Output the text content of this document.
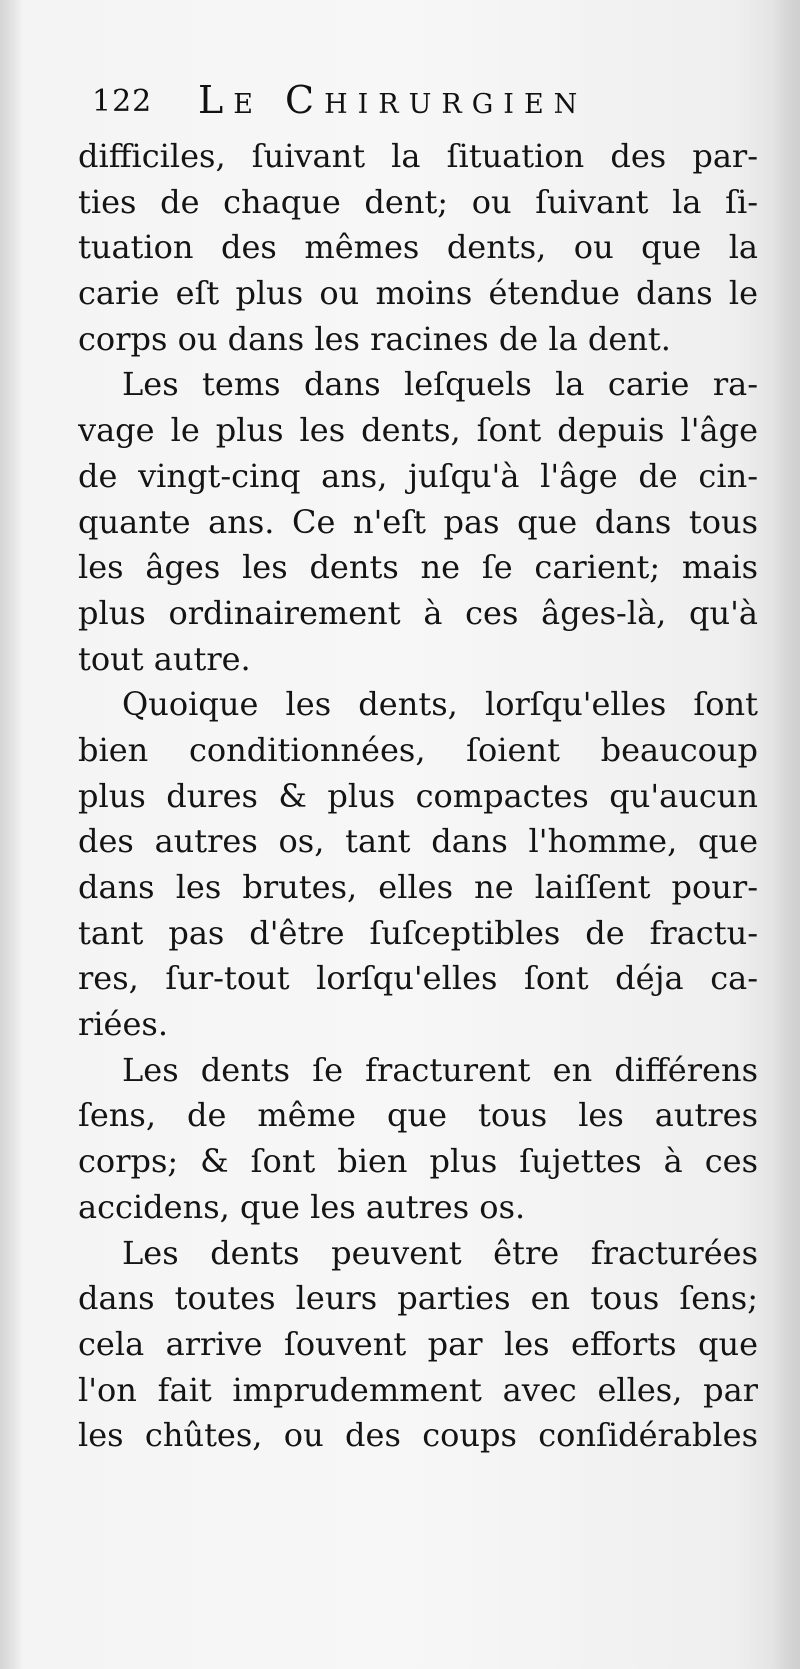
122 Le Chirurgien
difficiles, ſuivant la ſituation des par-
ties de chaque dent; ou ſuivant la ſi-
tuation des mêmes dents, ou que la
carie eſt plus ou moins étendue dans le
corps ou dans les racines de la dent.
Les tems dans leſquels la carie ra-
vage le plus les dents, ſont depuis l'âge
de vingt-cinq ans, juſqu'à l'âge de cin-
quante ans. Ce n'eſt pas que dans tous
les âges les dents ne ſe carient; mais
plus ordinairement à ces âges-là, qu'à
tout autre.
Quoique les dents, lorſqu'elles ſont
bien conditionnées, ſoient beaucoup
plus dures & plus compactes qu'aucun
des autres os, tant dans l'homme, que
dans les brutes, elles ne laiſſent pour-
tant pas d'être ſuſceptibles de fractu-
res, ſur-tout lorſqu'elles ſont déja ca-
riées.
Les dents ſe fracturent en différens
ſens, de même que tous les autres
corps; & ſont bien plus ſujettes à ces
accidens, que les autres os.
Les dents peuvent être fracturées
dans toutes leurs parties en tous ſens;
cela arrive ſouvent par les efforts que
l'on fait imprudemment avec elles, par
les chûtes, ou des coups conſidérables
